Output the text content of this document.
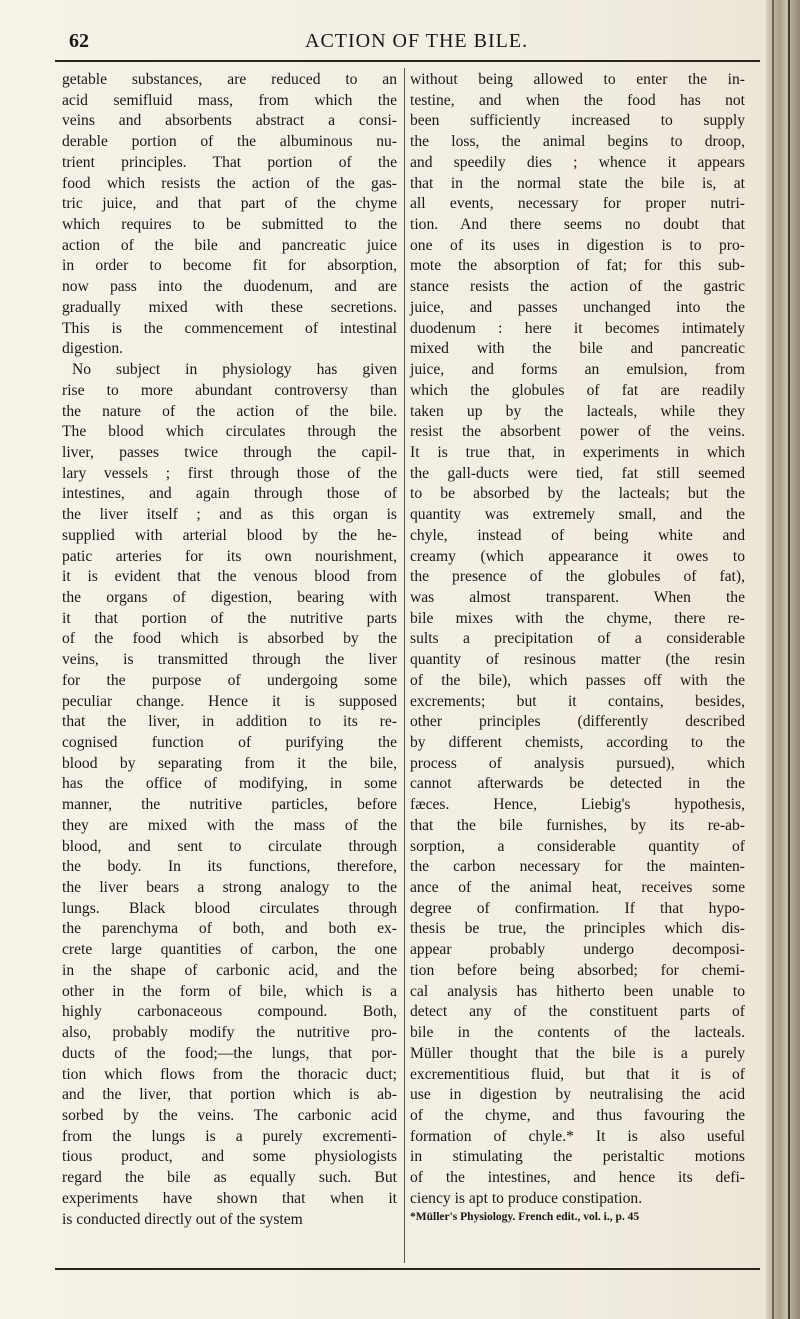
62	ACTION OF THE BILE.
getable substances, are reduced to an
acid semifluid mass, from which the
veins and absorbents abstract a consi-
derable portion of the albuminous nu-
trient principles. That portion of the
food which resists the action of the gas-
tric juice, and that part of the chyme
which requires to be submitted to the
action of the bile and pancreatic juice
in order to become fit for absorption,
now pass into the duodenum, and are
gradually mixed with these secretions.
This is the commencement of intestinal
digestion.
No subject in physiology has given
rise to more abundant controversy than
the nature of the action of the bile.
The blood which circulates through the
liver, passes twice through the capil-
lary vessels ; first through those of the
intestines, and again through those of
the liver itself ; and as this organ is
supplied with arterial blood by the he-
patic arteries for its own nourishment,
it is evident that the venous blood from
the organs of digestion, bearing with
it that portion of the nutritive parts
of the food which is absorbed by the
veins, is transmitted through the liver
for the purpose of undergoing some
peculiar change. Hence it is supposed
that the liver, in addition to its re-
cognised function of purifying the
blood by separating from it the bile,
has the office of modifying, in some
manner, the nutritive particles, before
they are mixed with the mass of the
blood, and sent to circulate through
the body. In its functions, therefore,
the liver bears a strong analogy to the
lungs. Black blood circulates through
the parenchyma of both, and both ex-
crete large quantities of carbon, the one
in the shape of carbonic acid, and the
other in the form of bile, which is a
highly carbonaceous compound. Both,
also, probably modify the nutritive pro-
ducts of the food;—the lungs, that por-
tion which flows from the thoracic duct;
and the liver, that portion which is ab-
sorbed by the veins. The carbonic acid
from the lungs is a purely excrementi-
tious product, and some physiologists
regard the bile as equally such. But
experiments have shown that when it
is conducted directly out of the system
without being allowed to enter the in-
testine, and when the food has not
been sufficiently increased to supply
the loss, the animal begins to droop,
and speedily dies ; whence it appears
that in the normal state the bile is, at
all events, necessary for proper nutri-
tion. And there seems no doubt that
one of its uses in digestion is to pro-
mote the absorption of fat; for this sub-
stance resists the action of the gastric
juice, and passes unchanged into the
duodenum : here it becomes intimately
mixed with the bile and pancreatic
juice, and forms an emulsion, from
which the globules of fat are readily
taken up by the lacteals, while they
resist the absorbent power of the veins.
It is true that, in experiments in which
the gall-ducts were tied, fat still seemed
to be absorbed by the lacteals; but the
quantity was extremely small, and the
chyle, instead of being white and
creamy (which appearance it owes to
the presence of the globules of fat),
was almost transparent. When the
bile mixes with the chyme, there re-
sults a precipitation of a considerable
quantity of resinous matter (the resin
of the bile), which passes off with the
excrements; but it contains, besides,
other principles (differently described
by different chemists, according to the
process of analysis pursued), which
cannot afterwards be detected in the
fæces. Hence, Liebig's hypothesis,
that the bile furnishes, by its re-ab-
sorption, a considerable quantity of
the carbon necessary for the mainten-
ance of the animal heat, receives some
degree of confirmation. If that hypo-
thesis be true, the principles which dis-
appear probably undergo decomposi-
tion before being absorbed; for chemi-
cal analysis has hitherto been unable to
detect any of the constituent parts of
bile in the contents of the lacteals.
Müller thought that the bile is a purely
excrementitious fluid, but that it is of
use in digestion by neutralising the acid
of the chyme, and thus favouring the
formation of chyle.* It is also useful
in stimulating the peristaltic motions
of the intestines, and hence its defi-
ciency is apt to produce constipation.
*Müller's Physiology. French edit., vol. i., p. 45
